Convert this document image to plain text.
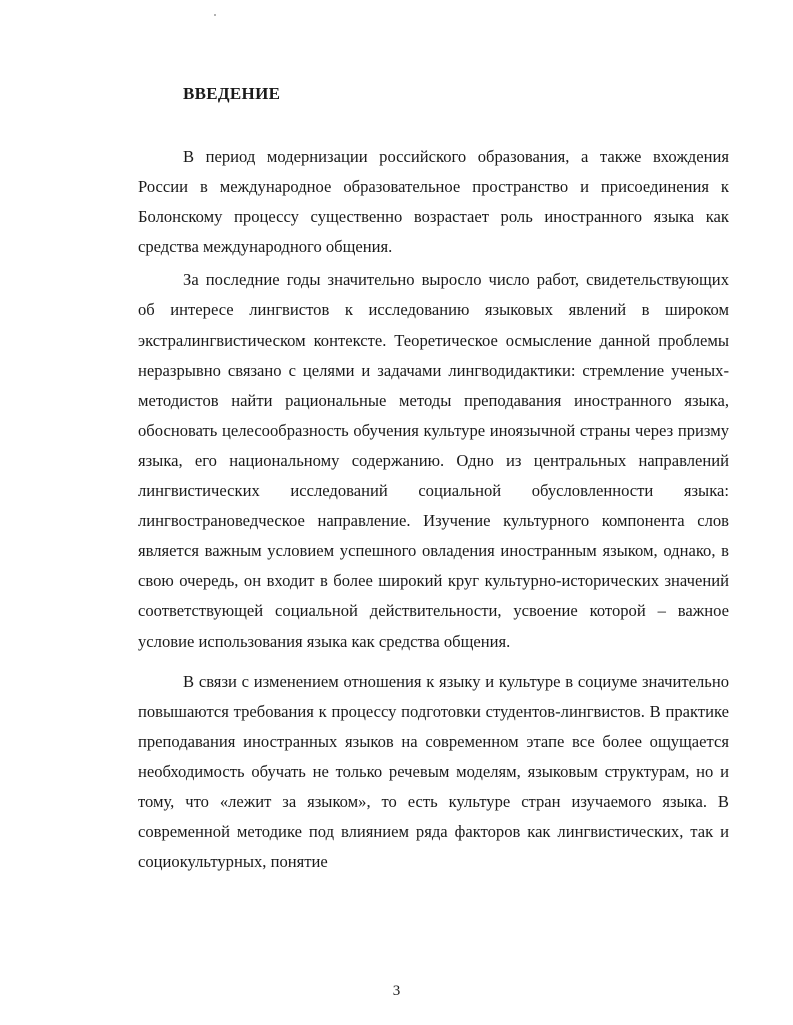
ВВЕДЕНИЕ

В период модернизации российского образования, а также вхождения России в международное образовательное пространство и присоединения к Болонскому процессу существенно возрастает роль иностранного языка как средства международного общения.

За последние годы значительно выросло число работ, свидетельствующих об интересе лингвистов к исследованию языковых явлений в широком экстралингвистическом контексте. Теоретическое осмысление данной проблемы неразрывно связано с целями и задачами лингводидактики: стремление ученых-методистов найти рациональные методы преподавания иностранного языка, обосновать целесообразность обучения культуре иноязычной страны через призму языка, его национальному содержанию. Одно из центральных направлений лингвистических исследований социальной обусловленности языка: лингвострановедческое направление. Изучение культурного компонента слов является важным условием успешного овладения иностранным языком, однако, в свою очередь, он входит в более широкий круг культурно-исторических значений соответствующей социальной действительности, усвоение которой – важное условие использования языка как средства общения.

В связи с изменением отношения к языку и культуре в социуме значительно повышаются требования к процессу подготовки студентов-лингвистов. В практике преподавания иностранных языков на современном этапе все более ощущается необходимость обучать не только речевым моделям, языковым структурам, но и тому, что «лежит за языком», то есть культуре стран изучаемого языка. В современной методике под влиянием ряда факторов как лингвистических, так и социокультурных, понятие

3
